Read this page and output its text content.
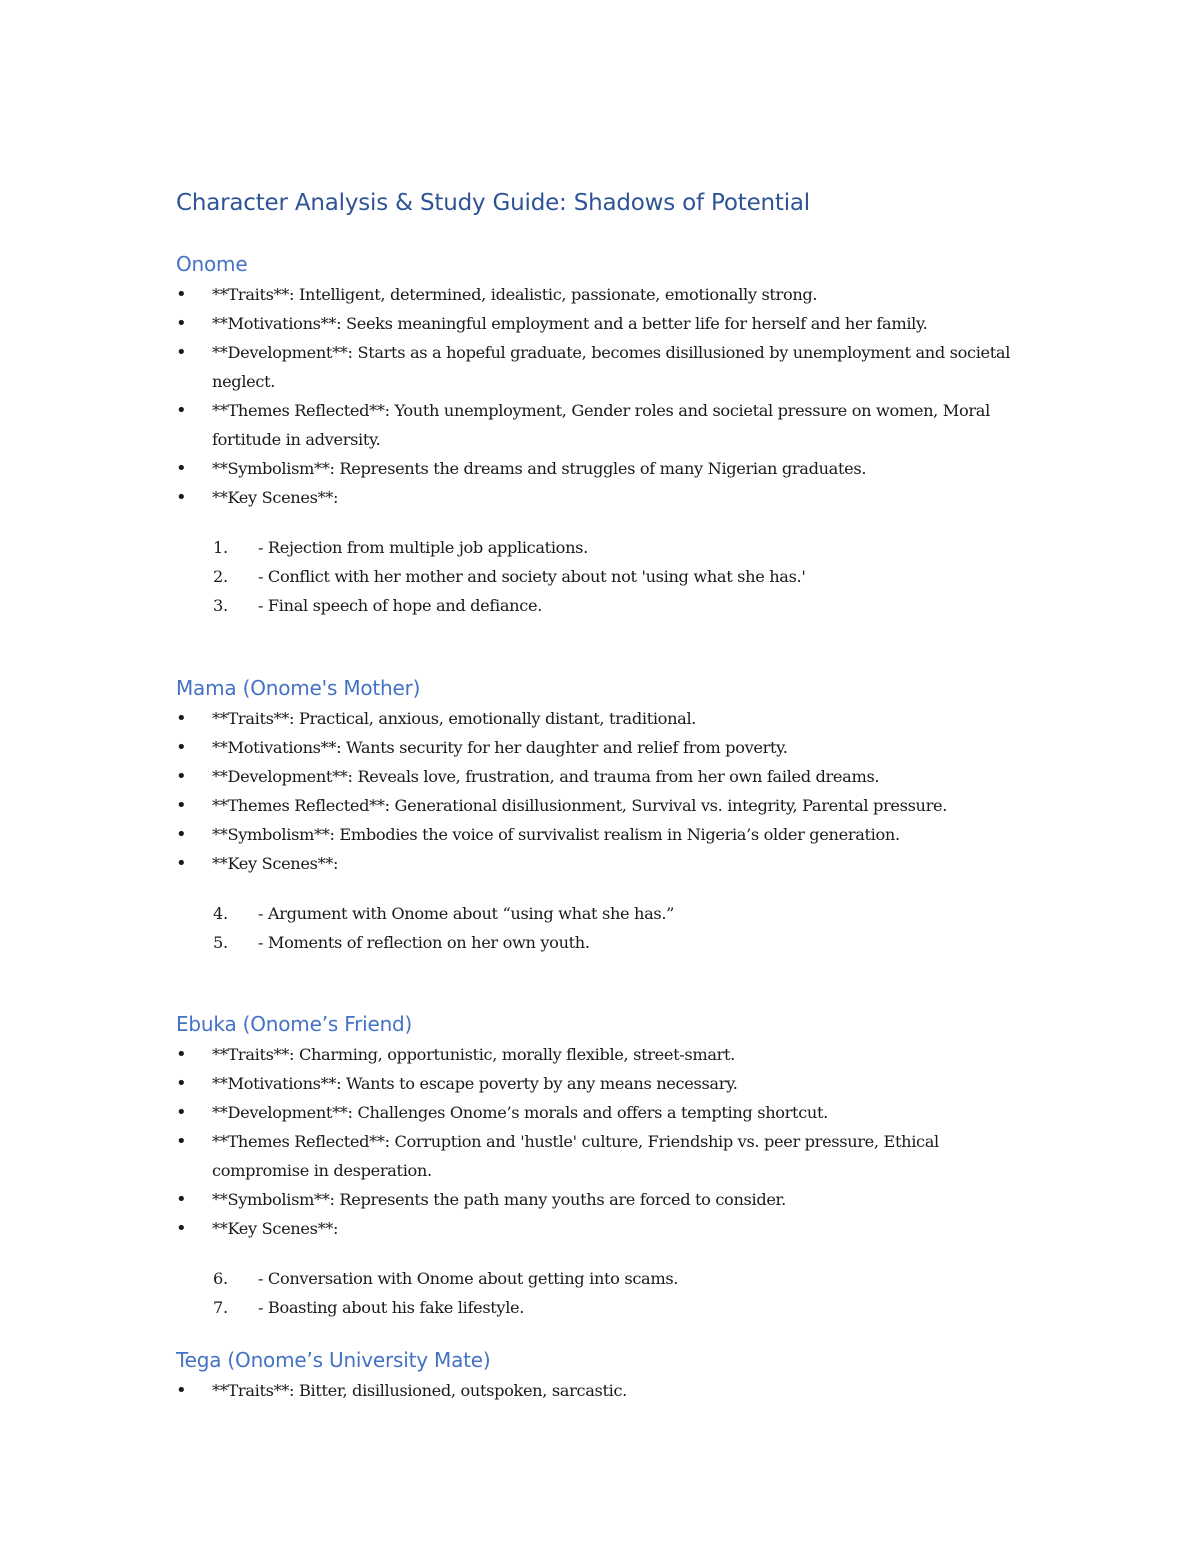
Character Analysis & Study Guide: Shadows of Potential
Onome
• **Traits**: Intelligent, determined, idealistic, passionate, emotionally strong.
• **Motivations**: Seeks meaningful employment and a better life for herself and her family.
• **Development**: Starts as a hopeful graduate, becomes disillusioned by unemployment and societal neglect.
• **Themes Reflected**: Youth unemployment, Gender roles and societal pressure on women, Moral fortitude in adversity.
• **Symbolism**: Represents the dreams and struggles of many Nigerian graduates.
• **Key Scenes**:
1. - Rejection from multiple job applications.
2. - Conflict with her mother and society about not 'using what she has.'
3. - Final speech of hope and defiance.
Mama (Onome's Mother)
• **Traits**: Practical, anxious, emotionally distant, traditional.
• **Motivations**: Wants security for her daughter and relief from poverty.
• **Development**: Reveals love, frustration, and trauma from her own failed dreams.
• **Themes Reflected**: Generational disillusionment, Survival vs. integrity, Parental pressure.
• **Symbolism**: Embodies the voice of survivalist realism in Nigeria’s older generation.
• **Key Scenes**:
4. - Argument with Onome about “using what she has.”
5. - Moments of reflection on her own youth.
Ebuka (Onome’s Friend)
• **Traits**: Charming, opportunistic, morally flexible, street-smart.
• **Motivations**: Wants to escape poverty by any means necessary.
• **Development**: Challenges Onome’s morals and offers a tempting shortcut.
• **Themes Reflected**: Corruption and 'hustle' culture, Friendship vs. peer pressure, Ethical compromise in desperation.
• **Symbolism**: Represents the path many youths are forced to consider.
• **Key Scenes**:
6. - Conversation with Onome about getting into scams.
7. - Boasting about his fake lifestyle.
Tega (Onome’s University Mate)
• **Traits**: Bitter, disillusioned, outspoken, sarcastic.
